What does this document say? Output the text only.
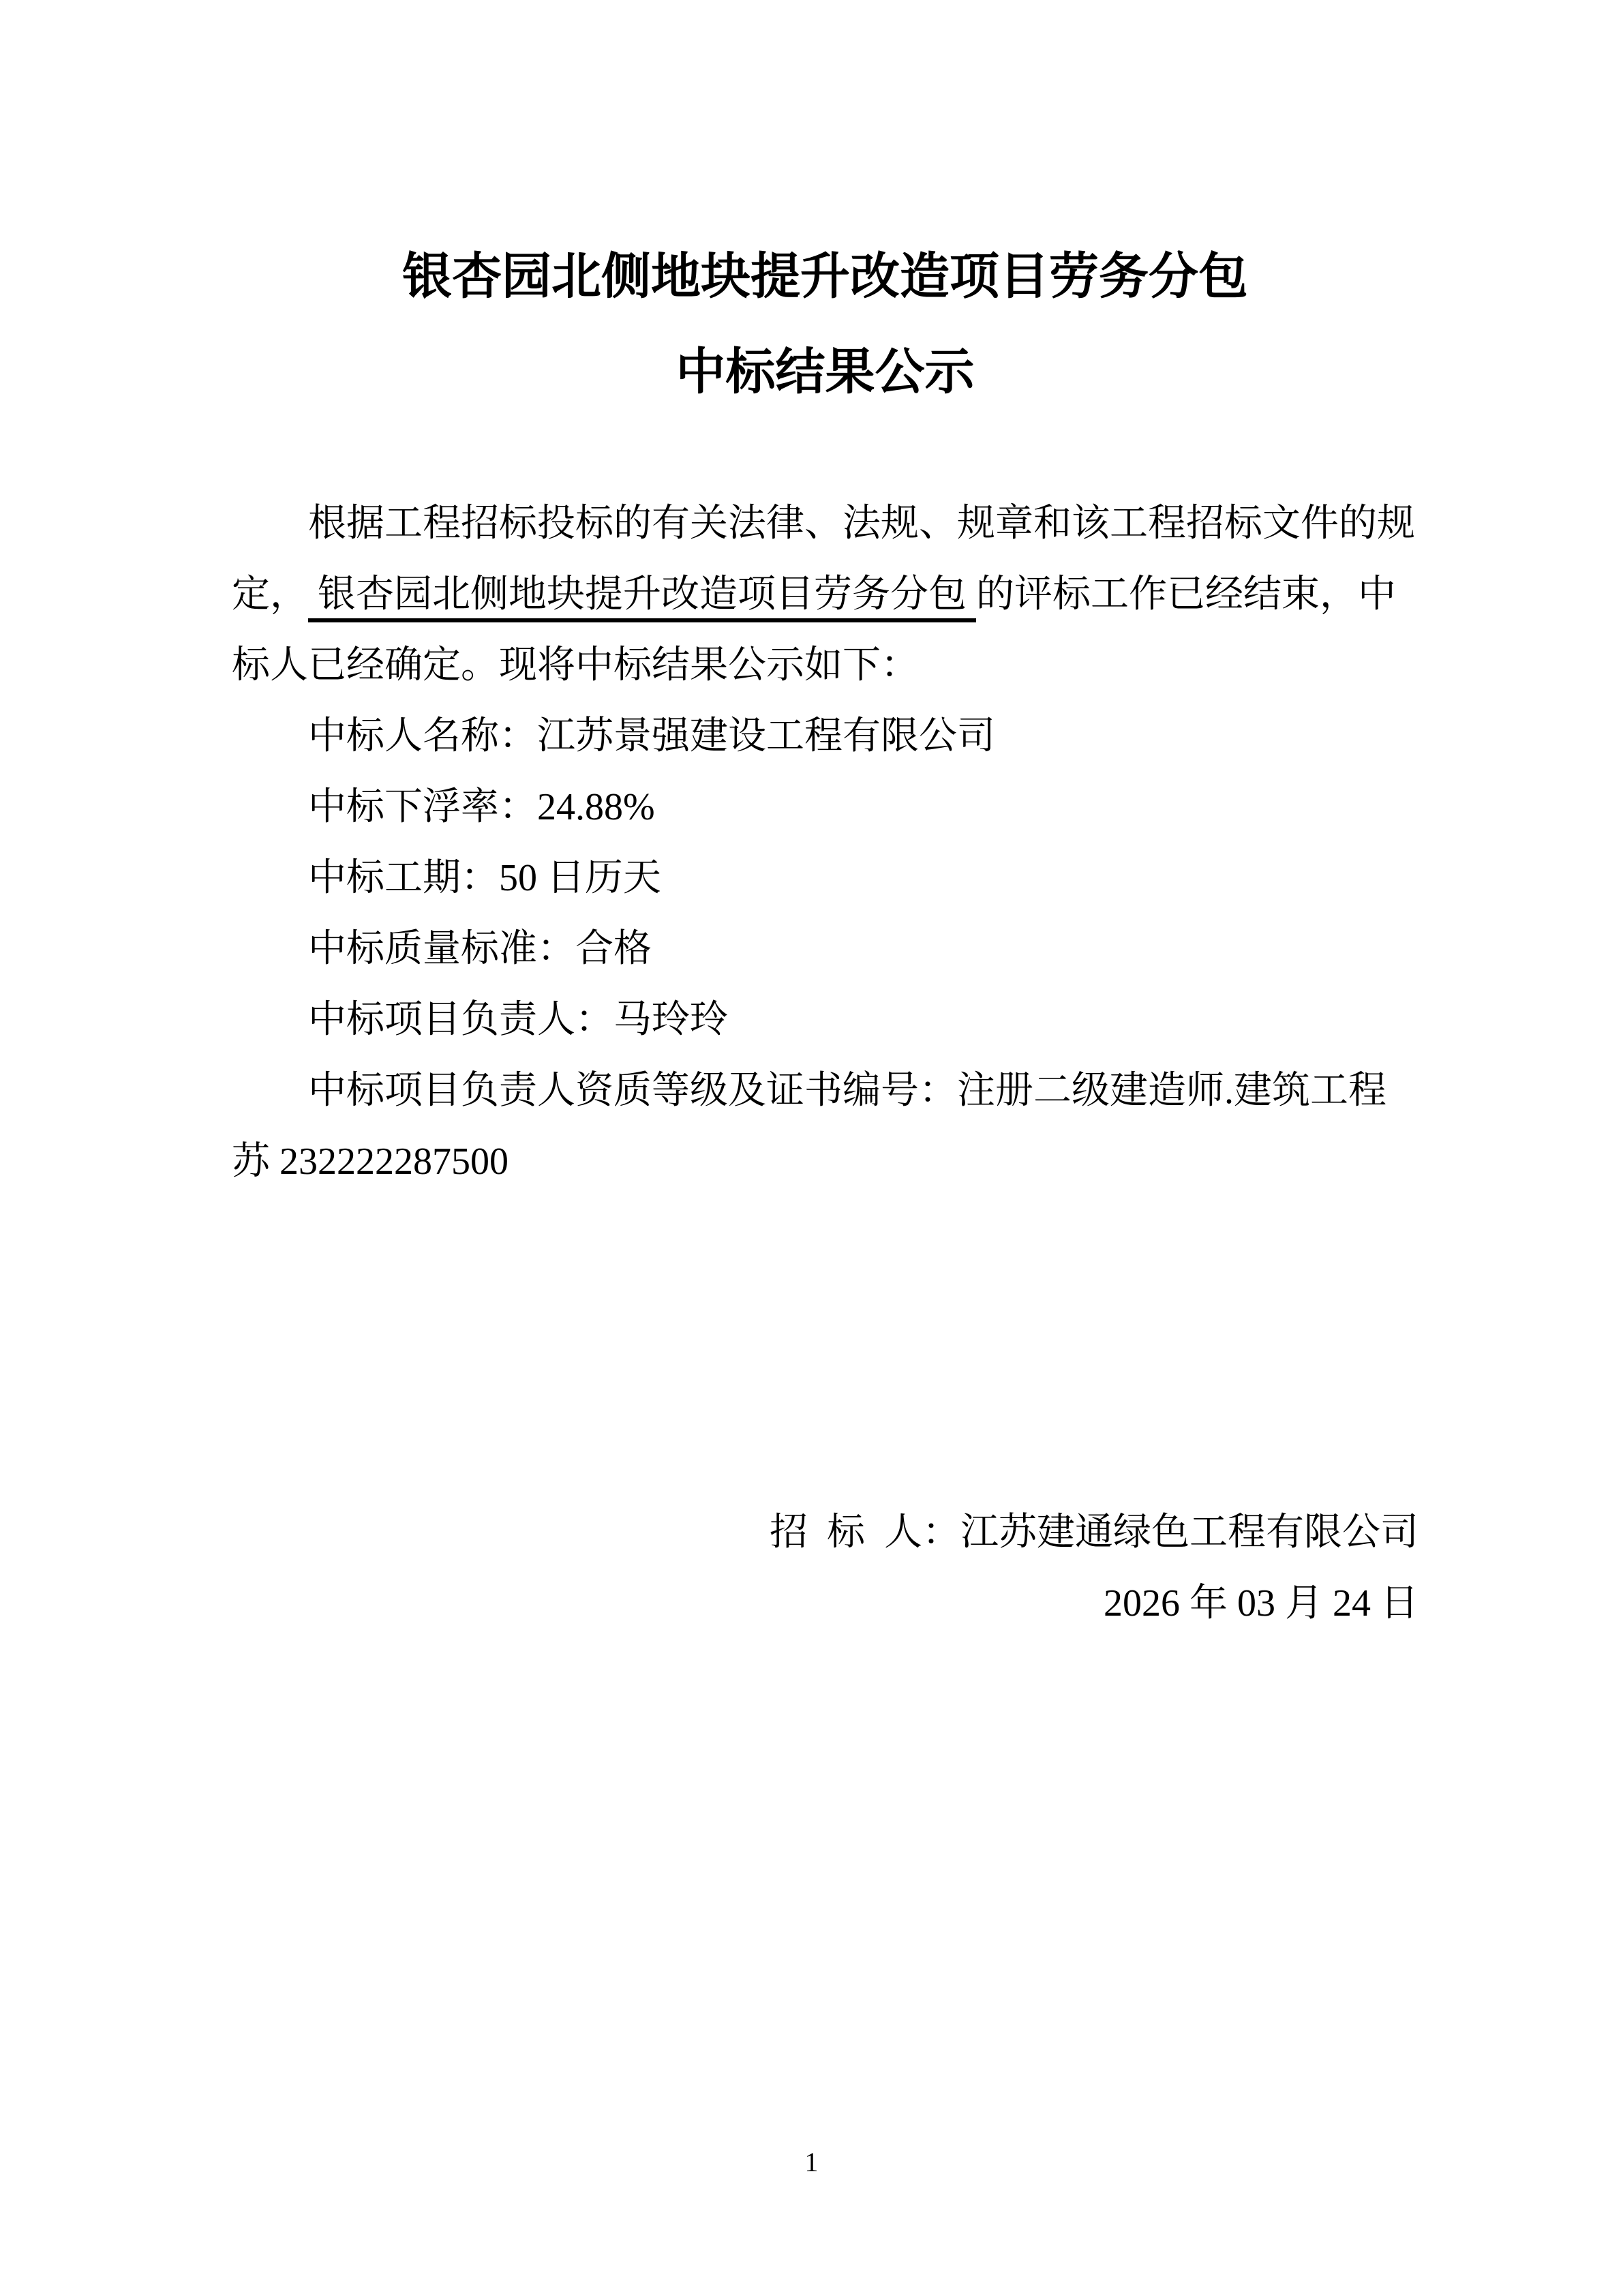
银杏园北侧地块提升改造项目劳务分包
中标结果公示
根据工程招标投标的有关法律、法规、规章和该工程招标文件的规
定， 银杏园北侧地块提升改造项目劳务分包 的评标工作已经结束，中
标人已经确定。现将中标结果公示如下：
中标人名称：江苏景强建设工程有限公司
中标下浮率：24.88%
中标工期：50 日历天
中标质量标准：合格
中标项目负责人：马玲玲
中标项目负责人资质等级及证书编号：注册二级建造师.建筑工程
苏 232222287500
招  标  人：江苏建通绿色工程有限公司
2026 年 03 月 24 日
1
